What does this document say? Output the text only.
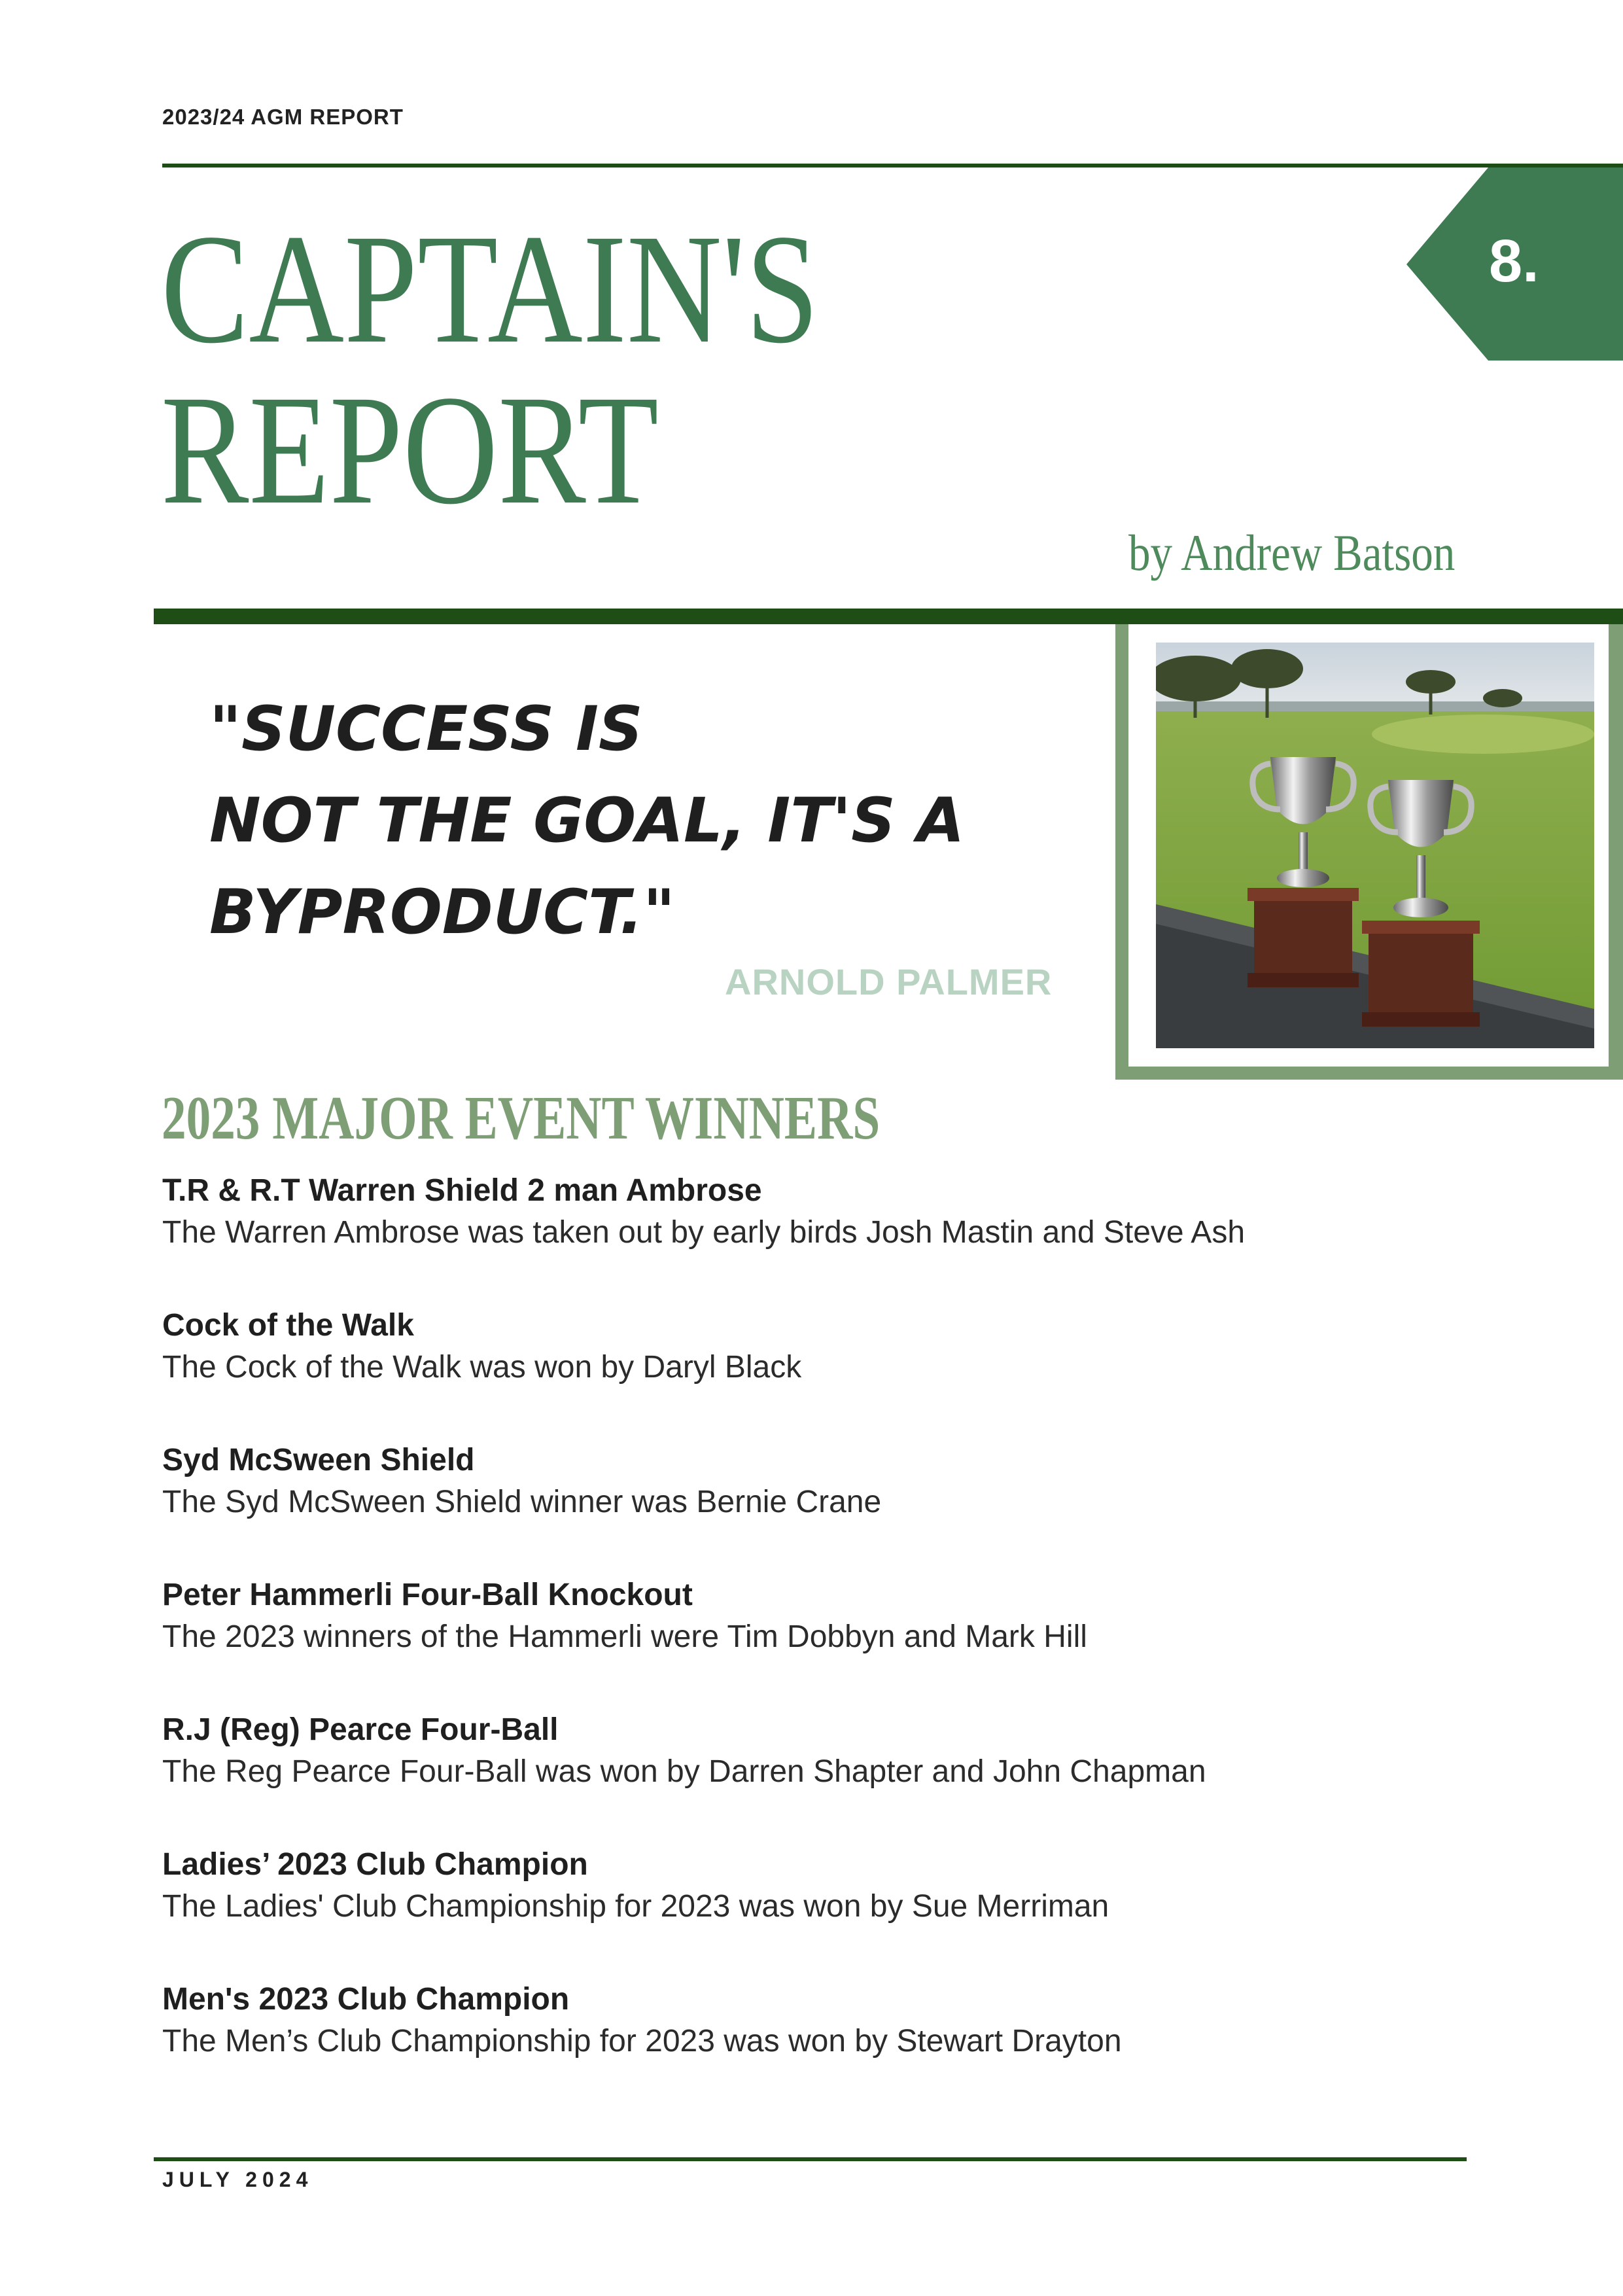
2023/24 AGM REPORT
CAPTAIN'S
REPORT
8.
by Andrew Batson
"SUCCESS IS
NOT THE GOAL, IT'S A
BYPRODUCT."
ARNOLD PALMER
2023 MAJOR EVENT WINNERS
T.R & R.T Warren Shield 2 man Ambrose
The Warren Ambrose was taken out by early birds Josh Mastin and Steve Ash
Cock of the Walk
The Cock of the Walk was won by Daryl Black
Syd McSween Shield
The Syd McSween Shield winner was Bernie Crane
Peter Hammerli Four-Ball Knockout
The 2023 winners of the Hammerli were Tim Dobbyn and Mark Hill
R.J (Reg) Pearce Four-Ball
The Reg Pearce Four-Ball was won by Darren Shapter and John Chapman
Ladies’ 2023 Club Champion
The Ladies' Club Championship for 2023 was won by Sue Merriman
Men's 2023 Club Champion
The Men’s Club Championship for 2023 was won by Stewart Drayton
JULY 2024
